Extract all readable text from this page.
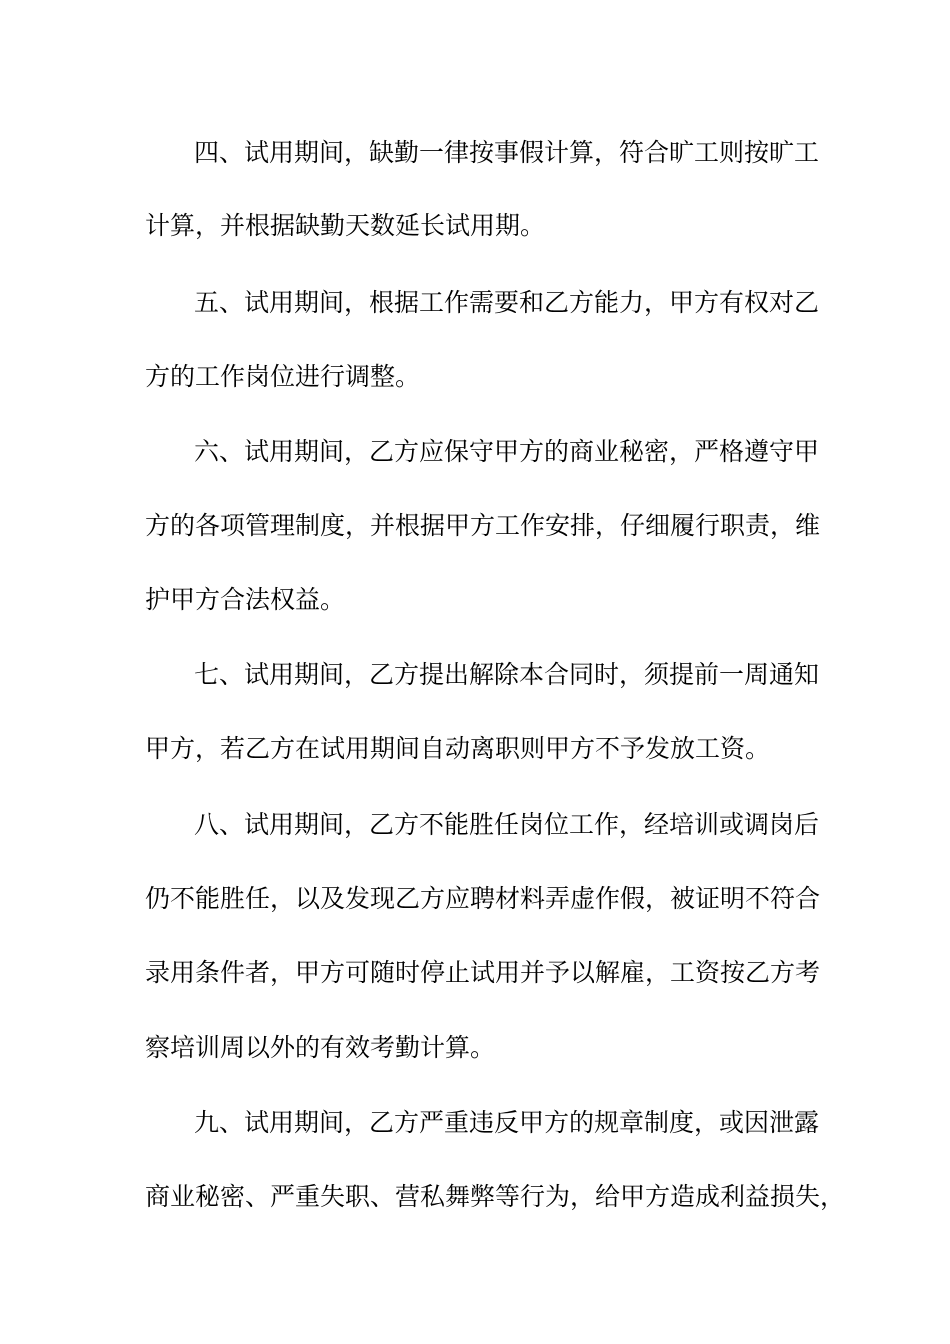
四、试用期间，缺勤一律按事假计算，符合旷工则按旷工
计算，并根据缺勤天数延长试用期。
五、试用期间，根据工作需要和乙方能力，甲方有权对乙
方的工作岗位进行调整。
六、试用期间，乙方应保守甲方的商业秘密，严格遵守甲
方的各项管理制度，并根据甲方工作安排，仔细履行职责，维
护甲方合法权益。
七、试用期间，乙方提出解除本合同时，须提前一周通知
甲方，若乙方在试用期间自动离职则甲方不予发放工资。
八、试用期间，乙方不能胜任岗位工作，经培训或调岗后
仍不能胜任，以及发现乙方应聘材料弄虚作假，被证明不符合
录用条件者，甲方可随时停止试用并予以解雇，工资按乙方考
察培训周以外的有效考勤计算。
九、试用期间，乙方严重违反甲方的规章制度，或因泄露
商业秘密、严重失职、营私舞弊等行为，给甲方造成利益损失，
